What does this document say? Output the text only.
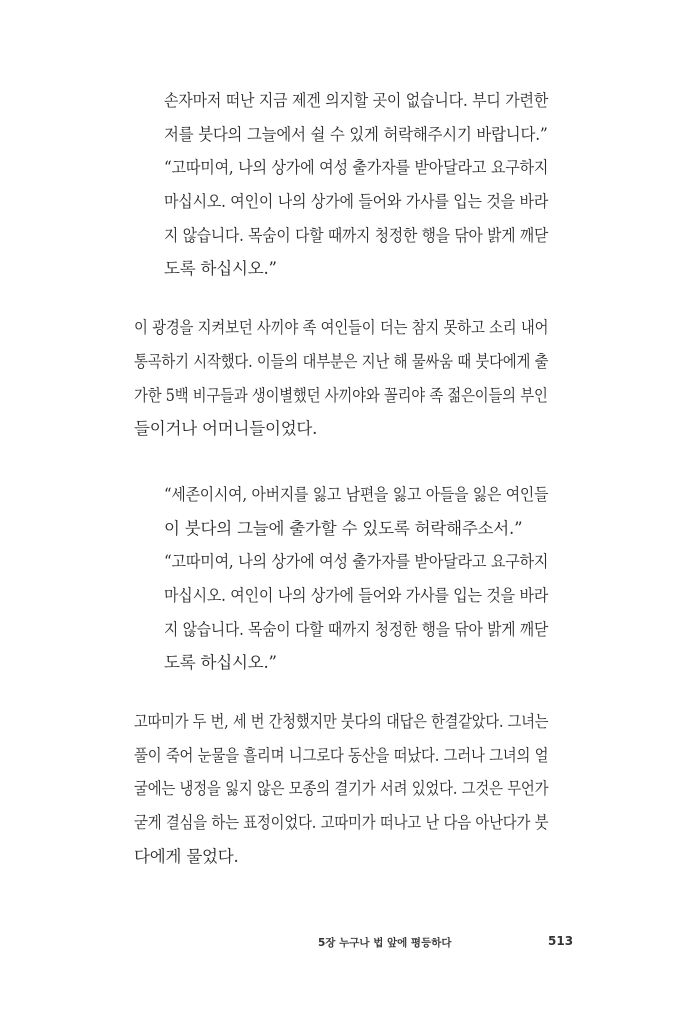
손자마저 떠난 지금 제겐 의지할 곳이 없습니다. 부디 가련한
저를 붓다의 그늘에서 쉴 수 있게 허락해주시기 바랍니다.”
“고따미여, 나의 상가에 여성 출가자를 받아달라고 요구하지
마십시오. 여인이 나의 상가에 들어와 가사를 입는 것을 바라
지 않습니다. 목숨이 다할 때까지 청정한 행을 닦아 밝게 깨닫
도록 하십시오.”
이 광경을 지켜보던 사끼야 족 여인들이 더는 참지 못하고 소리 내어
통곡하기 시작했다. 이들의 대부분은 지난 해 물싸움 때 붓다에게 출
가한 5백 비구들과 생이별했던 사끼야와 꼴리야 족 젊은이들의 부인
들이거나 어머니들이었다.
“세존이시여, 아버지를 잃고 남편을 잃고 아들을 잃은 여인들
이 붓다의 그늘에 출가할 수 있도록 허락해주소서.”
“고따미여, 나의 상가에 여성 출가자를 받아달라고 요구하지
마십시오. 여인이 나의 상가에 들어와 가사를 입는 것을 바라
지 않습니다. 목숨이 다할 때까지 청정한 행을 닦아 밝게 깨닫
도록 하십시오.”
고따미가 두 번, 세 번 간청했지만 붓다의 대답은 한결같았다. 그녀는
풀이 죽어 눈물을 흘리며 니그로다 동산을 떠났다. 그러나 그녀의 얼
굴에는 냉정을 잃지 않은 모종의 결기가 서려 있었다. 그것은 무언가
굳게 결심을 하는 표정이었다. 고따미가 떠나고 난 다음 아난다가 붓
다에게 물었다.
5장 누구나 법 앞에 평등하다	513
